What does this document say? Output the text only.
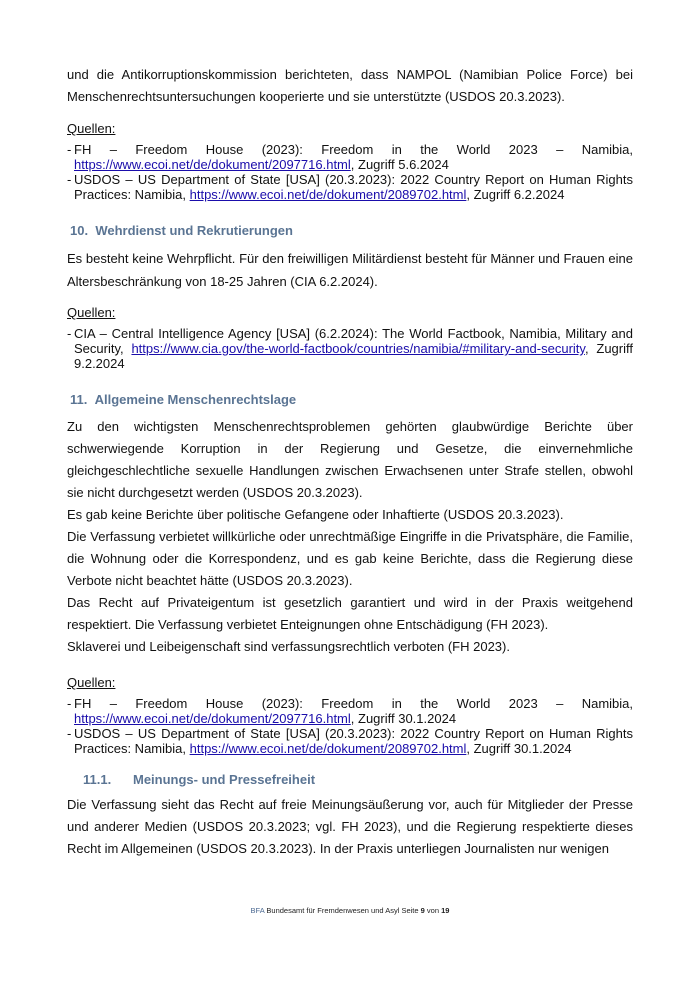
und die Antikorruptionskommission berichteten, dass NAMPOL (Namibian Police Force) bei Menschenrechtsuntersuchungen kooperierte und sie unterstützte (USDOS 20.3.2023).

Quellen:

- FH – Freedom House (2023): Freedom in the World 2023 – Namibia,
https://www.ecoi.net/de/dokument/2097716.html, Zugriff 5.6.2024
- USDOS – US Department of State [USA] (20.3.2023): 2022 Country Report on Human Rights Practices: Namibia, https://www.ecoi.net/de/dokument/2089702.html, Zugriff 6.2.2024
10. Wehrdienst und Rekrutierungen

Es besteht keine Wehrpflicht. Für den freiwilligen Militärdienst besteht für Männer und Frauen eine Altersbeschränkung von 18-25 Jahren (CIA 6.2.2024).

Quellen:

- CIA – Central Intelligence Agency [USA] (6.2.2024): The World Factbook, Namibia, Military and Security, https://www.cia.gov/the-world-factbook/countries/namibia/#military-and-security, Zugriff 9.2.2024
11. Allgemeine Menschenrechtslage

Zu den wichtigsten Menschenrechtsproblemen gehörten glaubwürdige Berichte über schwerwiegende Korruption in der Regierung und Gesetze, die einvernehmliche gleichgeschlechtliche sexuelle Handlungen zwischen Erwachsenen unter Strafe stellen, obwohl sie nicht durchgesetzt werden (USDOS 20.3.2023).

Es gab keine Berichte über politische Gefangene oder Inhaftierte (USDOS 20.3.2023).

Die Verfassung verbietet willkürliche oder unrechtmäßige Eingriffe in die Privatsphäre, die Familie, die Wohnung oder die Korrespondenz, und es gab keine Berichte, dass die Regierung diese Verbote nicht beachtet hätte (USDOS 20.3.2023).

Das Recht auf Privateigentum ist gesetzlich garantiert und wird in der Praxis weitgehend respektiert. Die Verfassung verbietet Enteignungen ohne Entschädigung (FH 2023).

Sklaverei und Leibeigenschaft sind verfassungsrechtlich verboten (FH 2023).

Quellen:

- FH – Freedom House (2023): Freedom in the World 2023 – Namibia,
https://www.ecoi.net/de/dokument/2097716.html, Zugriff 30.1.2024
- USDOS – US Department of State [USA] (20.3.2023): 2022 Country Report on Human Rights Practices: Namibia, https://www.ecoi.net/de/dokument/2089702.html, Zugriff 30.1.2024
11.1. Meinungs- und Pressefreiheit

Die Verfassung sieht das Recht auf freie Meinungsäußerung vor, auch für Mitglieder der Presse und anderer Medien (USDOS 20.3.2023; vgl. FH 2023), und die Regierung respektierte dieses Recht im Allgemeinen (USDOS 20.3.2023). In der Praxis unterliegen Journalisten nur wenigen

BFA Bundesamt für Fremdenwesen und Asyl Seite 9 von 19
